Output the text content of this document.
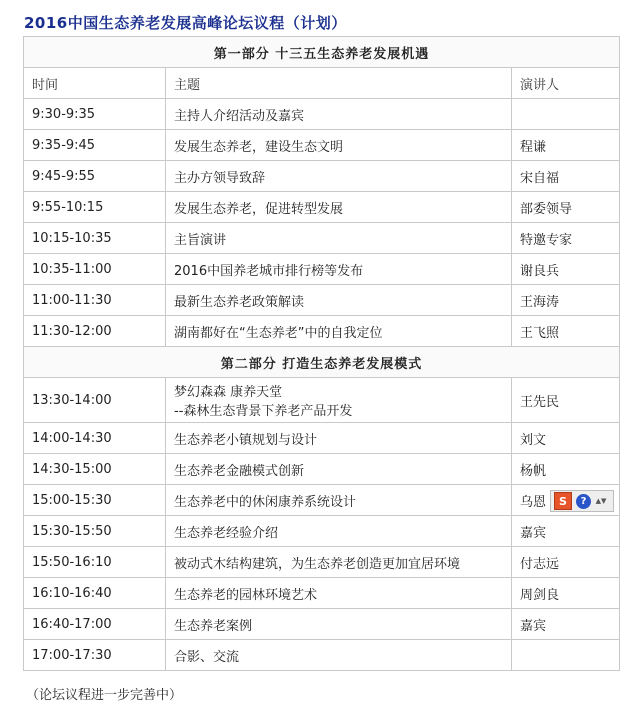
2016中国生态养老发展高峰论坛议程（计划）
第一部分 十三五生态养老发展机遇		
时间	主题	演讲人
9:30-9:35	主持人介绍活动及嘉宾	
9:35-9:45	发展生态养老，建设生态文明	程谦
9:45-9:55	主办方领导致辞	宋自福
9:55-10:15	发展生态养老，促进转型发展	部委领导
10:15-10:35	主旨演讲	特邀专家
10:35-11:00	2016中国养老城市排行榜等发布	谢良兵
11:00-11:30	最新生态养老政策解读	王海涛
11:30-12:00	湖南都好在“生态养老”中的自我定位	王飞照
第二部分 打造生态养老发展模式		
13:30-14:00	梦幻森森 康养天堂
--森林生态背景下养老产品开发	王先民
14:00-14:30	生态养老小镇规划与设计	刘文
14:30-15:00	生态养老金融模式创新	杨帆
15:00-15:30	生态养老中的休闲康养系统设计	乌恩
15:30-15:50	生态养老经验介绍	嘉宾
15:50-16:10	被动式木结构建筑，为生态养老创造更加宜居环境	付志远
16:10-16:40	生态养老的园林环境艺术	周剑良
16:40-17:00	生态养老案例	嘉宾
17:00-17:30	合影、交流	
S	?	▲▼
（论坛议程进一步完善中）
